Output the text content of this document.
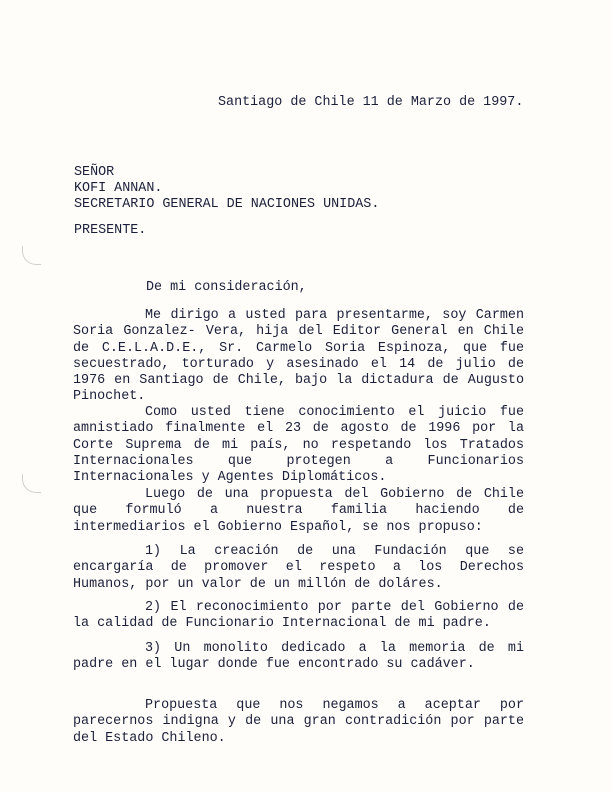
Santiago de Chile 11 de Marzo de 1997.
SEÑOR
KOFI ANNAN.
SECRETARIO GENERAL DE NACIONES UNIDAS.
PRESENTE.
De mi consideración,
Me dirigo a usted para presentarme, soy Carmen
Soria Gonzalez- Vera, hija del Editor General en Chile
de C.E.L.A.D.E., Sr. Carmelo Soria Espinoza, que fue
secuestrado, torturado y asesinado el 14 de julio de
1976 en Santiago de Chile, bajo la dictadura de Augusto
Pinochet.
Como usted tiene conocimiento el juicio fue
amnistiado finalmente el 23 de agosto de 1996 por la
Corte Suprema de mi país, no respetando los Tratados
Internacionales que protegen a Funcionarios
Internacionales y Agentes Diplomáticos.
Luego de una propuesta del Gobierno de Chile
que formuló a nuestra familia haciendo de
intermediarios el Gobierno Español, se nos propuso:
1) La creación de una Fundación que se
encargaría de promover el respeto a los Derechos
Humanos, por un valor de un millón de doláres.
2) El reconocimiento por parte del Gobierno de
la calidad de Funcionario Internacional de mi padre.
3) Un monolito dedicado a la memoria de mi
padre en el lugar donde fue encontrado su cadáver.
Propuesta que nos negamos a aceptar por
parecernos indigna y de una gran contradición por parte
del Estado Chileno.
